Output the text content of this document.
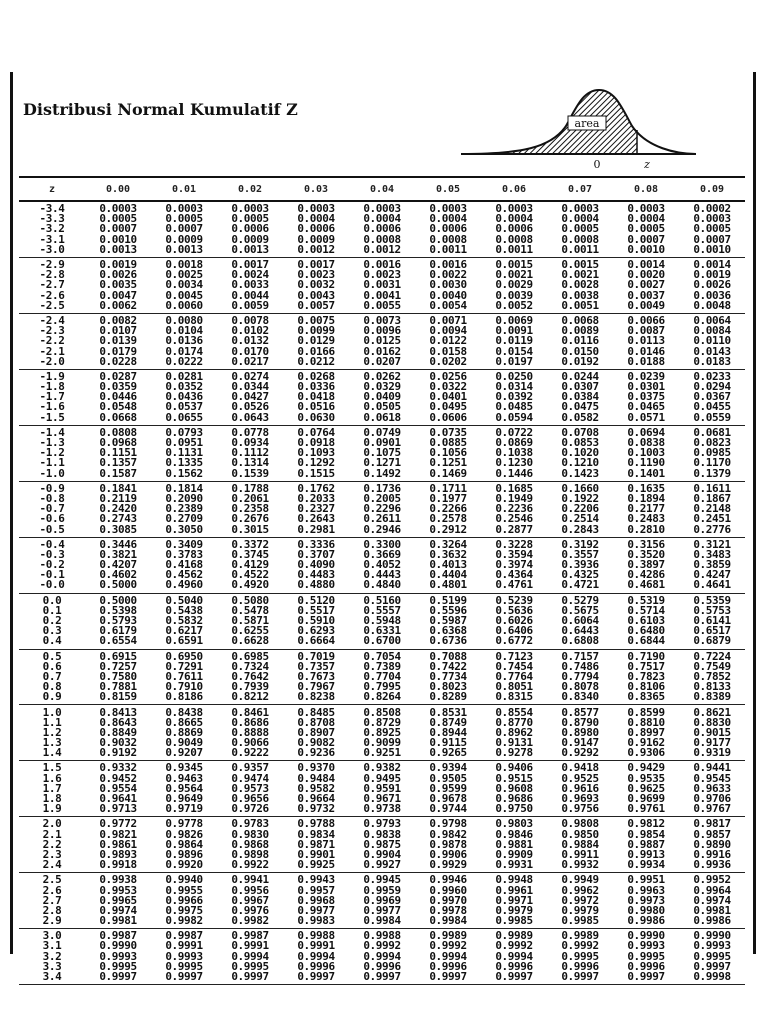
Distribusi Normal Kumulatif Z
area
0	z
z	0.00	0.01	0.02	0.03	0.04	0.05	0.06	0.07	0.08	0.09
-3.4	0.0003	0.0003	0.0003	0.0003	0.0003	0.0003	0.0003	0.0003	0.0003	0.0002
-3.3	0.0005	0.0005	0.0005	0.0004	0.0004	0.0004	0.0004	0.0004	0.0004	0.0003
-3.2	0.0007	0.0007	0.0006	0.0006	0.0006	0.0006	0.0006	0.0005	0.0005	0.0005
-3.1	0.0010	0.0009	0.0009	0.0009	0.0008	0.0008	0.0008	0.0008	0.0007	0.0007
-3.0	0.0013	0.0013	0.0013	0.0012	0.0012	0.0011	0.0011	0.0011	0.0010	0.0010
-2.9	0.0019	0.0018	0.0017	0.0017	0.0016	0.0016	0.0015	0.0015	0.0014	0.0014
-2.8	0.0026	0.0025	0.0024	0.0023	0.0023	0.0022	0.0021	0.0021	0.0020	0.0019
-2.7	0.0035	0.0034	0.0033	0.0032	0.0031	0.0030	0.0029	0.0028	0.0027	0.0026
-2.6	0.0047	0.0045	0.0044	0.0043	0.0041	0.0040	0.0039	0.0038	0.0037	0.0036
-2.5	0.0062	0.0060	0.0059	0.0057	0.0055	0.0054	0.0052	0.0051	0.0049	0.0048
-2.4	0.0082	0.0080	0.0078	0.0075	0.0073	0.0071	0.0069	0.0068	0.0066	0.0064
-2.3	0.0107	0.0104	0.0102	0.0099	0.0096	0.0094	0.0091	0.0089	0.0087	0.0084
-2.2	0.0139	0.0136	0.0132	0.0129	0.0125	0.0122	0.0119	0.0116	0.0113	0.0110
-2.1	0.0179	0.0174	0.0170	0.0166	0.0162	0.0158	0.0154	0.0150	0.0146	0.0143
-2.0	0.0228	0.0222	0.0217	0.0212	0.0207	0.0202	0.0197	0.0192	0.0188	0.0183
-1.9	0.0287	0.0281	0.0274	0.0268	0.0262	0.0256	0.0250	0.0244	0.0239	0.0233
-1.8	0.0359	0.0352	0.0344	0.0336	0.0329	0.0322	0.0314	0.0307	0.0301	0.0294
-1.7	0.0446	0.0436	0.0427	0.0418	0.0409	0.0401	0.0392	0.0384	0.0375	0.0367
-1.6	0.0548	0.0537	0.0526	0.0516	0.0505	0.0495	0.0485	0.0475	0.0465	0.0455
-1.5	0.0668	0.0655	0.0643	0.0630	0.0618	0.0606	0.0594	0.0582	0.0571	0.0559
-1.4	0.0808	0.0793	0.0778	0.0764	0.0749	0.0735	0.0722	0.0708	0.0694	0.0681
-1.3	0.0968	0.0951	0.0934	0.0918	0.0901	0.0885	0.0869	0.0853	0.0838	0.0823
-1.2	0.1151	0.1131	0.1112	0.1093	0.1075	0.1056	0.1038	0.1020	0.1003	0.0985
-1.1	0.1357	0.1335	0.1314	0.1292	0.1271	0.1251	0.1230	0.1210	0.1190	0.1170
-1.0	0.1587	0.1562	0.1539	0.1515	0.1492	0.1469	0.1446	0.1423	0.1401	0.1379
-0.9	0.1841	0.1814	0.1788	0.1762	0.1736	0.1711	0.1685	0.1660	0.1635	0.1611
-0.8	0.2119	0.2090	0.2061	0.2033	0.2005	0.1977	0.1949	0.1922	0.1894	0.1867
-0.7	0.2420	0.2389	0.2358	0.2327	0.2296	0.2266	0.2236	0.2206	0.2177	0.2148
-0.6	0.2743	0.2709	0.2676	0.2643	0.2611	0.2578	0.2546	0.2514	0.2483	0.2451
-0.5	0.3085	0.3050	0.3015	0.2981	0.2946	0.2912	0.2877	0.2843	0.2810	0.2776
-0.4	0.3446	0.3409	0.3372	0.3336	0.3300	0.3264	0.3228	0.3192	0.3156	0.3121
-0.3	0.3821	0.3783	0.3745	0.3707	0.3669	0.3632	0.3594	0.3557	0.3520	0.3483
-0.2	0.4207	0.4168	0.4129	0.4090	0.4052	0.4013	0.3974	0.3936	0.3897	0.3859
-0.1	0.4602	0.4562	0.4522	0.4483	0.4443	0.4404	0.4364	0.4325	0.4286	0.4247
-0.0	0.5000	0.4960	0.4920	0.4880	0.4840	0.4801	0.4761	0.4721	0.4681	0.4641
0.0	0.5000	0.5040	0.5080	0.5120	0.5160	0.5199	0.5239	0.5279	0.5319	0.5359
0.1	0.5398	0.5438	0.5478	0.5517	0.5557	0.5596	0.5636	0.5675	0.5714	0.5753
0.2	0.5793	0.5832	0.5871	0.5910	0.5948	0.5987	0.6026	0.6064	0.6103	0.6141
0.3	0.6179	0.6217	0.6255	0.6293	0.6331	0.6368	0.6406	0.6443	0.6480	0.6517
0.4	0.6554	0.6591	0.6628	0.6664	0.6700	0.6736	0.6772	0.6808	0.6844	0.6879
0.5	0.6915	0.6950	0.6985	0.7019	0.7054	0.7088	0.7123	0.7157	0.7190	0.7224
0.6	0.7257	0.7291	0.7324	0.7357	0.7389	0.7422	0.7454	0.7486	0.7517	0.7549
0.7	0.7580	0.7611	0.7642	0.7673	0.7704	0.7734	0.7764	0.7794	0.7823	0.7852
0.8	0.7881	0.7910	0.7939	0.7967	0.7995	0.8023	0.8051	0.8078	0.8106	0.8133
0.9	0.8159	0.8186	0.8212	0.8238	0.8264	0.8289	0.8315	0.8340	0.8365	0.8389
1.0	0.8413	0.8438	0.8461	0.8485	0.8508	0.8531	0.8554	0.8577	0.8599	0.8621
1.1	0.8643	0.8665	0.8686	0.8708	0.8729	0.8749	0.8770	0.8790	0.8810	0.8830
1.2	0.8849	0.8869	0.8888	0.8907	0.8925	0.8944	0.8962	0.8980	0.8997	0.9015
1.3	0.9032	0.9049	0.9066	0.9082	0.9099	0.9115	0.9131	0.9147	0.9162	0.9177
1.4	0.9192	0.9207	0.9222	0.9236	0.9251	0.9265	0.9278	0.9292	0.9306	0.9319
1.5	0.9332	0.9345	0.9357	0.9370	0.9382	0.9394	0.9406	0.9418	0.9429	0.9441
1.6	0.9452	0.9463	0.9474	0.9484	0.9495	0.9505	0.9515	0.9525	0.9535	0.9545
1.7	0.9554	0.9564	0.9573	0.9582	0.9591	0.9599	0.9608	0.9616	0.9625	0.9633
1.8	0.9641	0.9649	0.9656	0.9664	0.9671	0.9678	0.9686	0.9693	0.9699	0.9706
1.9	0.9713	0.9719	0.9726	0.9732	0.9738	0.9744	0.9750	0.9756	0.9761	0.9767
2.0	0.9772	0.9778	0.9783	0.9788	0.9793	0.9798	0.9803	0.9808	0.9812	0.9817
2.1	0.9821	0.9826	0.9830	0.9834	0.9838	0.9842	0.9846	0.9850	0.9854	0.9857
2.2	0.9861	0.9864	0.9868	0.9871	0.9875	0.9878	0.9881	0.9884	0.9887	0.9890
2.3	0.9893	0.9896	0.9898	0.9901	0.9904	0.9906	0.9909	0.9911	0.9913	0.9916
2.4	0.9918	0.9920	0.9922	0.9925	0.9927	0.9929	0.9931	0.9932	0.9934	0.9936
2.5	0.9938	0.9940	0.9941	0.9943	0.9945	0.9946	0.9948	0.9949	0.9951	0.9952
2.6	0.9953	0.9955	0.9956	0.9957	0.9959	0.9960	0.9961	0.9962	0.9963	0.9964
2.7	0.9965	0.9966	0.9967	0.9968	0.9969	0.9970	0.9971	0.9972	0.9973	0.9974
2.8	0.9974	0.9975	0.9976	0.9977	0.9977	0.9978	0.9979	0.9979	0.9980	0.9981
2.9	0.9981	0.9982	0.9982	0.9983	0.9984	0.9984	0.9985	0.9985	0.9986	0.9986
3.0	0.9987	0.9987	0.9987	0.9988	0.9988	0.9989	0.9989	0.9989	0.9990	0.9990
3.1	0.9990	0.9991	0.9991	0.9991	0.9992	0.9992	0.9992	0.9992	0.9993	0.9993
3.2	0.9993	0.9993	0.9994	0.9994	0.9994	0.9994	0.9994	0.9995	0.9995	0.9995
3.3	0.9995	0.9995	0.9995	0.9996	0.9996	0.9996	0.9996	0.9996	0.9996	0.9997
3.4	0.9997	0.9997	0.9997	0.9997	0.9997	0.9997	0.9997	0.9997	0.9997	0.9998
